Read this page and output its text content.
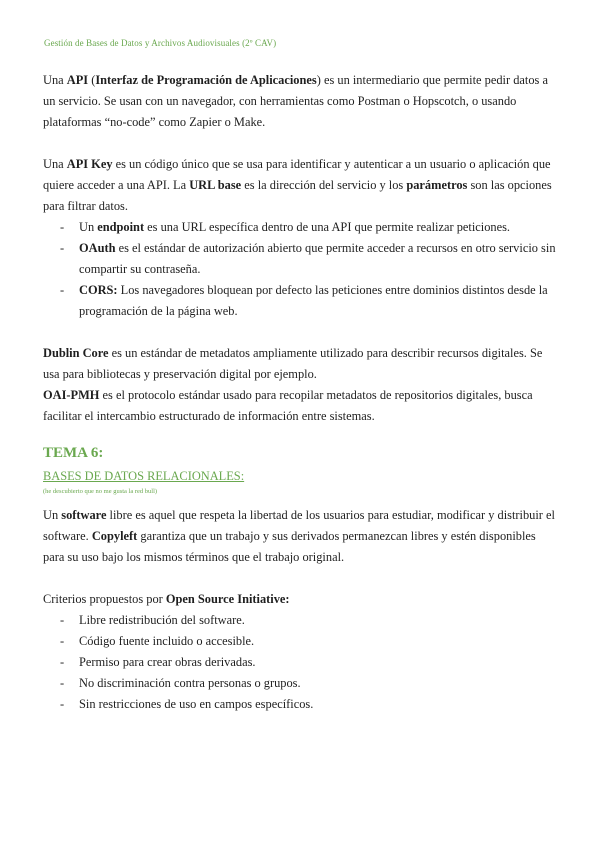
Gestión de Bases de Datos y Archivos Audiovisuales (2º CAV)

Una API (Interfaz de Programación de Aplicaciones) es un intermediario que permite pedir datos a un servicio. Se usan con un navegador, con herramientas como Postman o Hopscotch, o usando plataformas “no-code” como Zapier o Make.

Una API Key es un código único que se usa para identificar y autenticar a un usuario o aplicación que quiere acceder a una API. La URL base es la dirección del servicio y los parámetros son las opciones para filtrar datos.

- Un endpoint es una URL específica dentro de una API que permite realizar peticiones.
- OAuth es el estándar de autorización abierto que permite acceder a recursos en otro servicio sin compartir su contraseña.
- CORS: Los navegadores bloquean por defecto las peticiones entre dominios distintos desde la programación de la página web.

Dublin Core es un estándar de metadatos ampliamente utilizado para describir recursos digitales. Se usa para bibliotecas y preservación digital por ejemplo.

OAI-PMH es el protocolo estándar usado para recopilar metadatos de repositorios digitales, busca facilitar el intercambio estructurado de información entre sistemas.

TEMA 6:
BASES DE DATOS RELACIONALES:
(he descubierto que no me gusta la red bull)

Un software libre es aquel que respeta la libertad de los usuarios para estudiar, modificar y distribuir el software. Copyleft garantiza que un trabajo y sus derivados permanezcan libres y estén disponibles para su uso bajo los mismos términos que el trabajo original.

Criterios propuestos por Open Source Initiative:

- Libre redistribución del software.
- Código fuente incluido o accesible.
- Permiso para crear obras derivadas.
- No discriminación contra personas o grupos.
- Sin restricciones de uso en campos específicos.
